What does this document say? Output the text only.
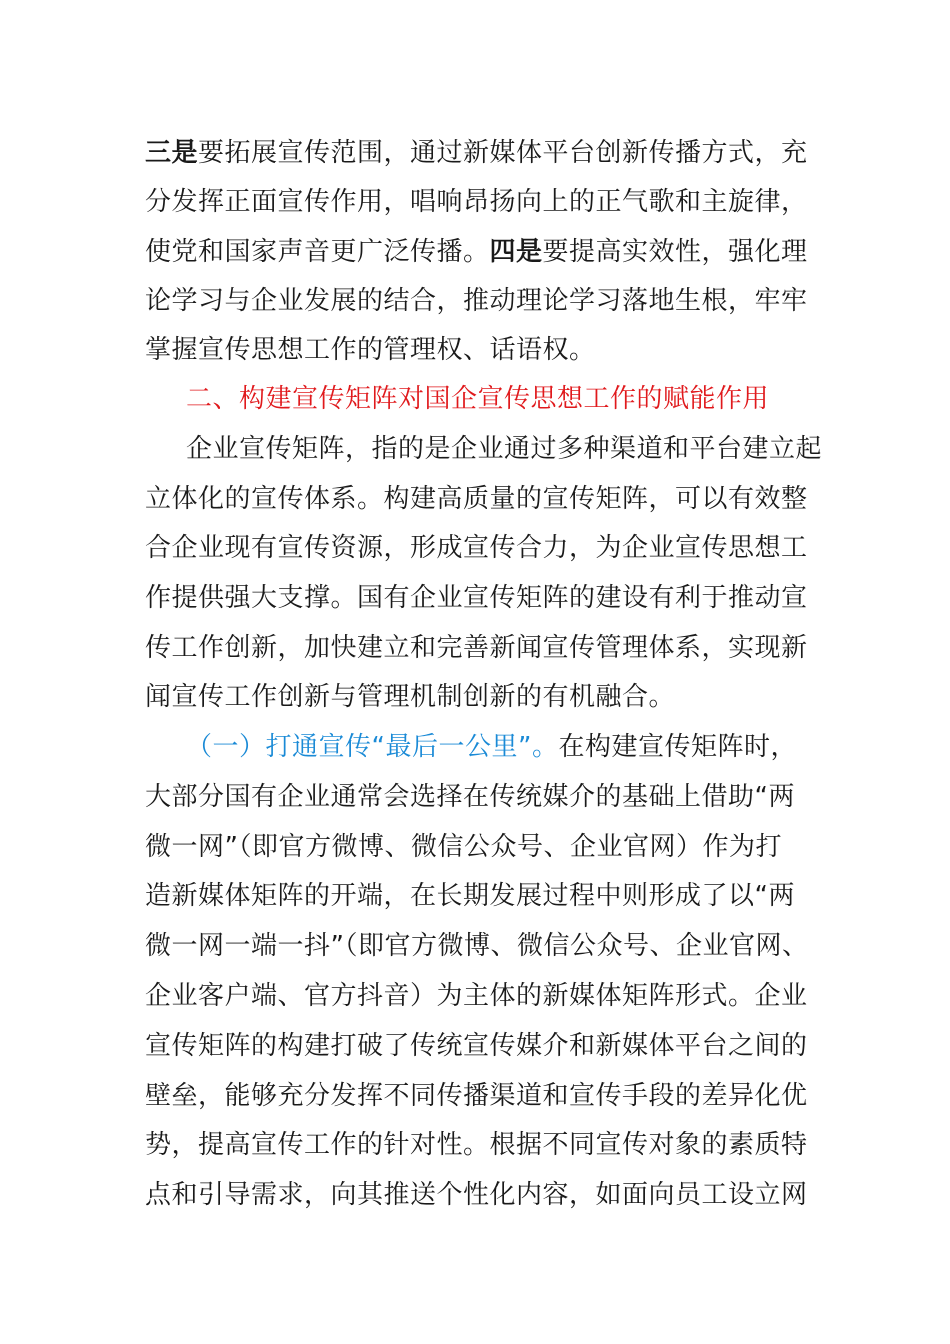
三是要拓展宣传范围，通过新媒体平台创新传播方式，充
分发挥正面宣传作用，唱响昂扬向上的正气歌和主旋律，
使党和国家声音更广泛传播。四是要提高实效性，强化理
论学习与企业发展的结合，推动理论学习落地生根，牢牢
掌握宣传思想工作的管理权、话语权。
二、构建宣传矩阵对国企宣传思想工作的赋能作用
企业宣传矩阵，指的是企业通过多种渠道和平台建立起
立体化的宣传体系。构建高质量的宣传矩阵，可以有效整
合企业现有宣传资源，形成宣传合力，为企业宣传思想工
作提供强大支撑。国有企业宣传矩阵的建设有利于推动宣
传工作创新，加快建立和完善新闻宣传管理体系，实现新
闻宣传工作创新与管理机制创新的有机融合。
（一）打通宣传“最后一公里”。在构建宣传矩阵时，
大部分国有企业通常会选择在传统媒介的基础上借助“两
微一网”（即官方微博、微信公众号、企业官网）作为打
造新媒体矩阵的开端，在长期发展过程中则形成了以“两
微一网一端一抖”（即官方微博、微信公众号、企业官网、
企业客户端、官方抖音）为主体的新媒体矩阵形式。企业
宣传矩阵的构建打破了传统宣传媒介和新媒体平台之间的
壁垒，能够充分发挥不同传播渠道和宣传手段的差异化优
势，提高宣传工作的针对性。根据不同宣传对象的素质特
点和引导需求，向其推送个性化内容，如面向员工设立网
